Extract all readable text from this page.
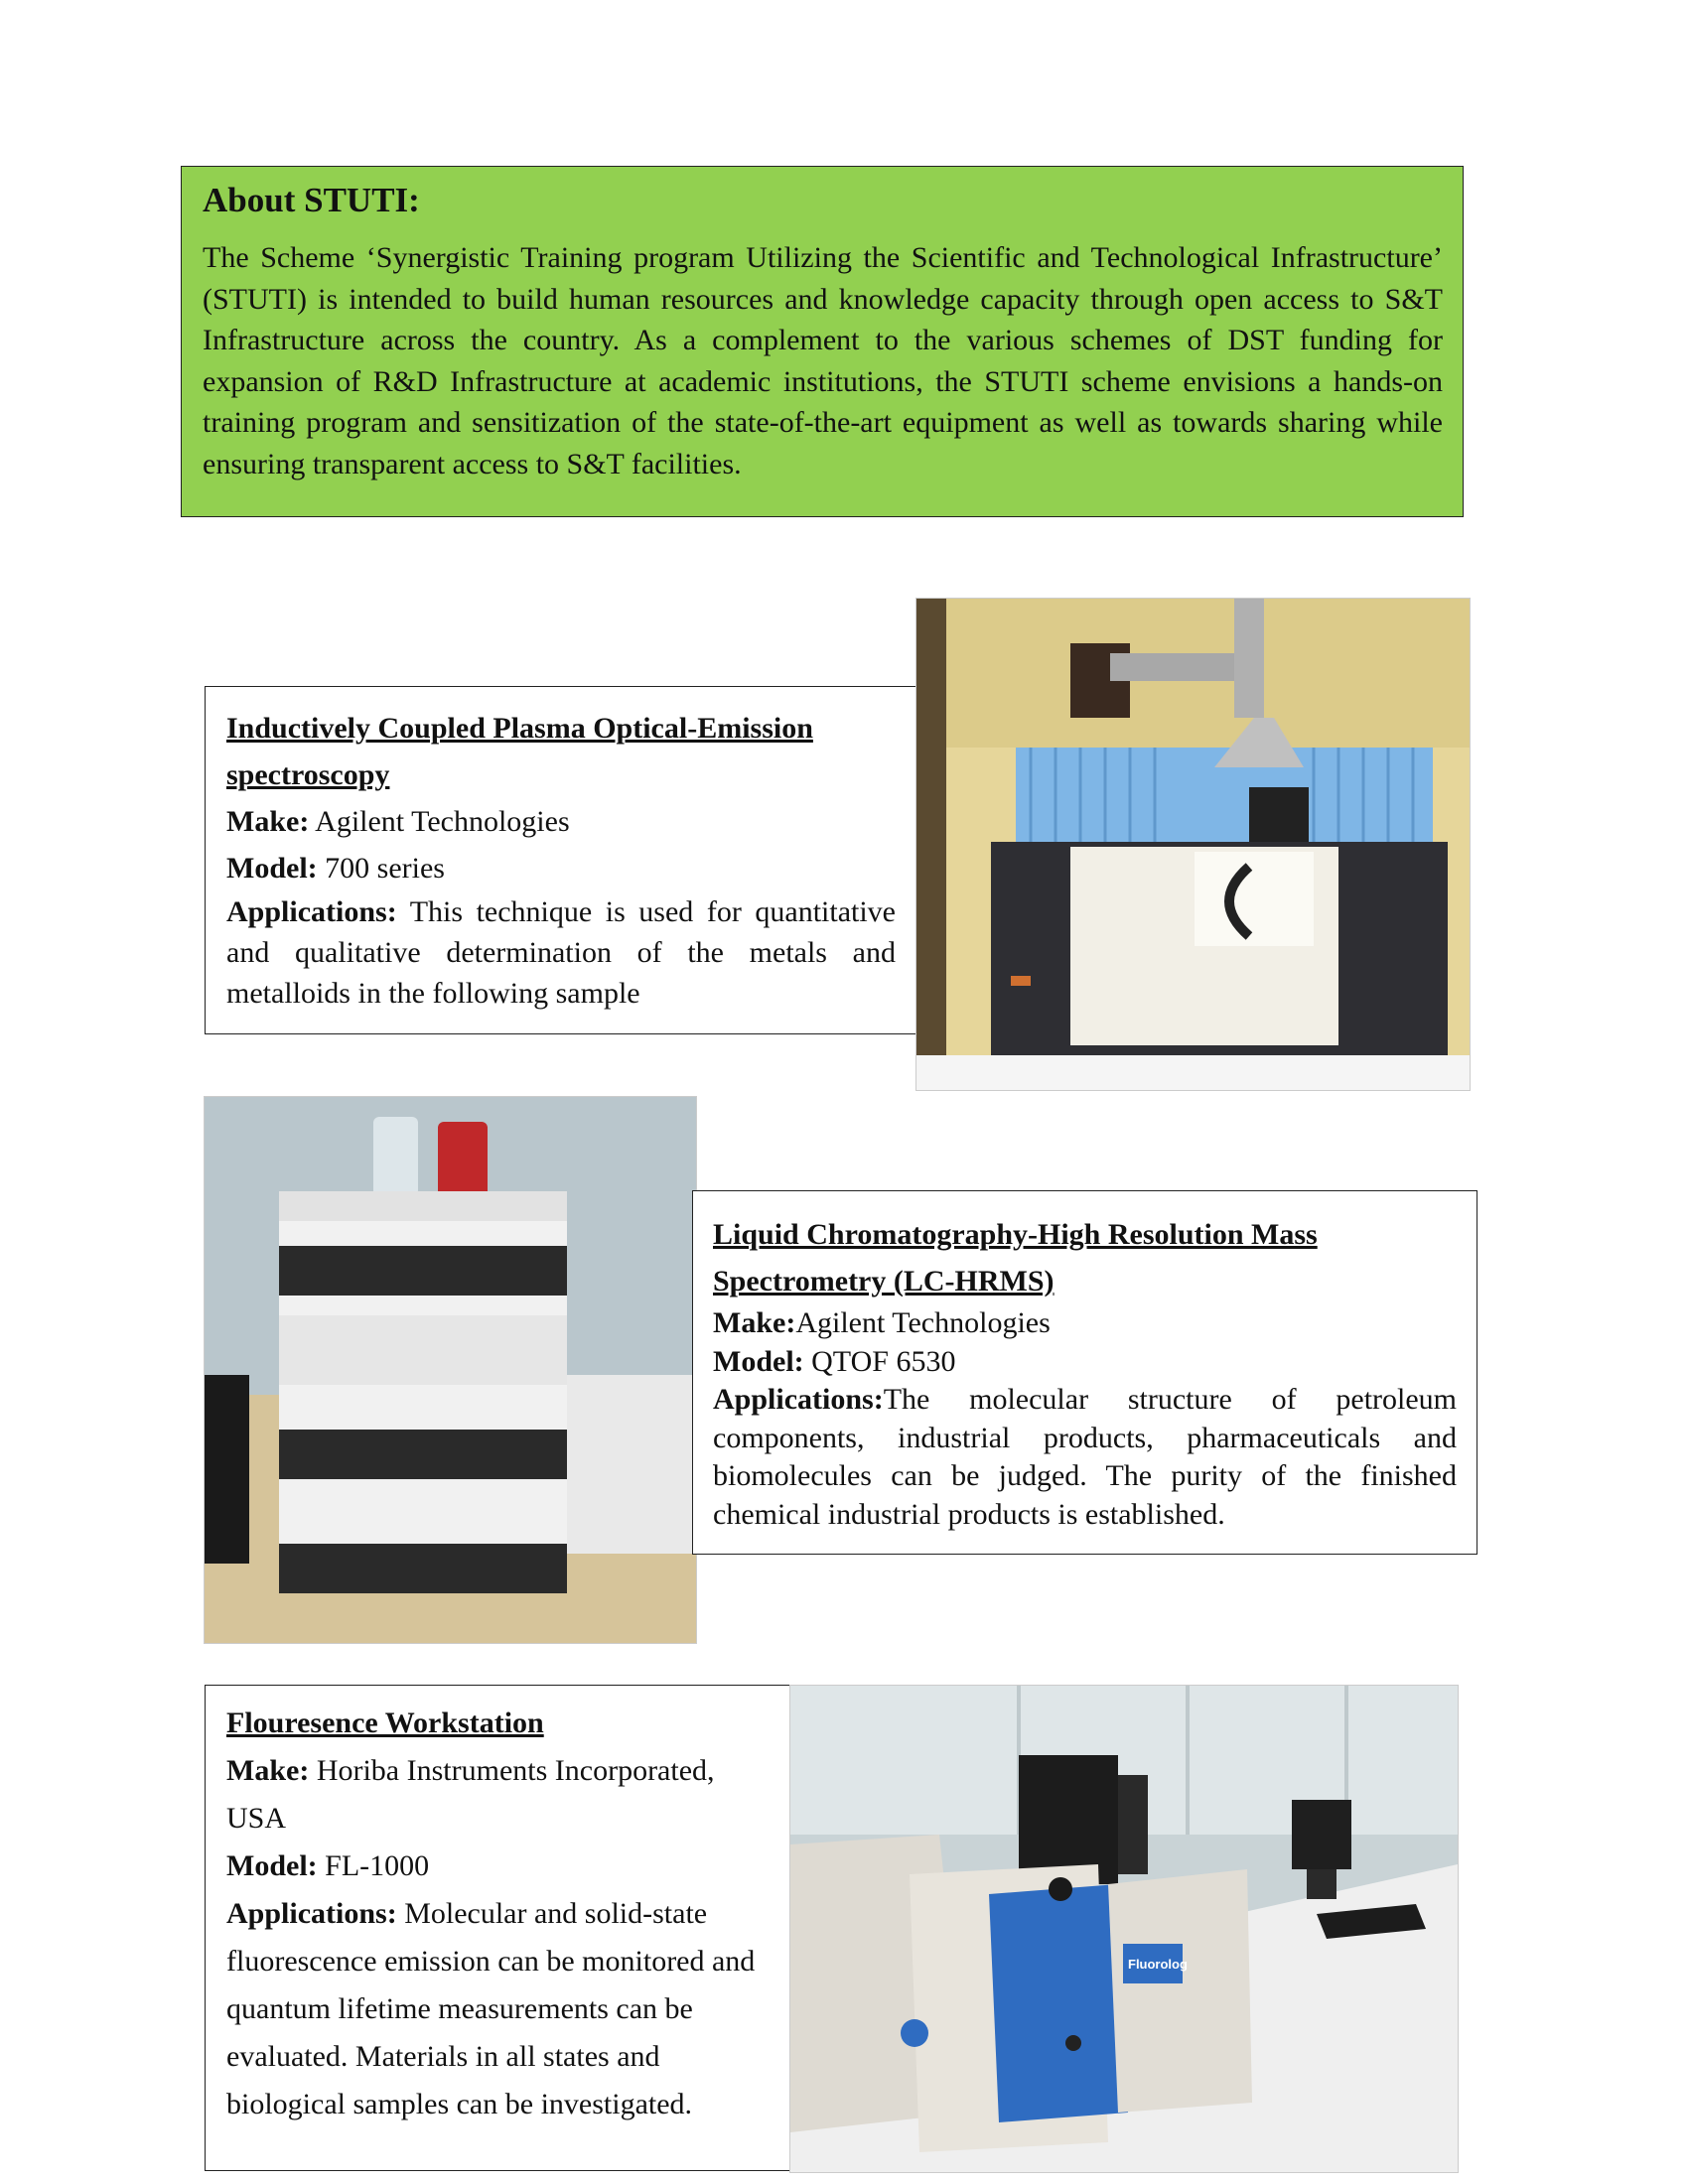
About STUTI:

The Scheme ‘Synergistic Training program Utilizing the Scientific and Technological Infrastructure’ (STUTI) is intended to build human resources and knowledge capacity through open access to S&T Infrastructure across the country. As a complement to the various schemes of DST funding for expansion of R&D Infrastructure at academic institutions, the STUTI scheme envisions a hands-on training program and sensitization of the state-of-the-art equipment as well as towards sharing while ensuring transparent access to S&T facilities.

Inductively Coupled Plasma Optical-Emission spectroscopy

Make: Agilent Technologies

Model: 700 series

Applications: This technique is used for quantitative and qualitative determination of the metals and metalloids in the following sample

Liquid Chromatography-High Resolution Mass Spectrometry (LC-HRMS)

Make:Agilent Technologies

Model: QTOF 6530

Applications:The molecular structure of petroleum components, industrial products, pharmaceuticals and biomolecules can be judged. The purity of the finished chemical industrial products is established.

Flouresence Workstation

Make: Horiba Instruments Incorporated, USA

Model: FL-1000

Applications: Molecular and solid-state fluorescence emission can be monitored and quantum lifetime measurements can be evaluated. Materials in all states and biological samples can be investigated.

Fluorolog
